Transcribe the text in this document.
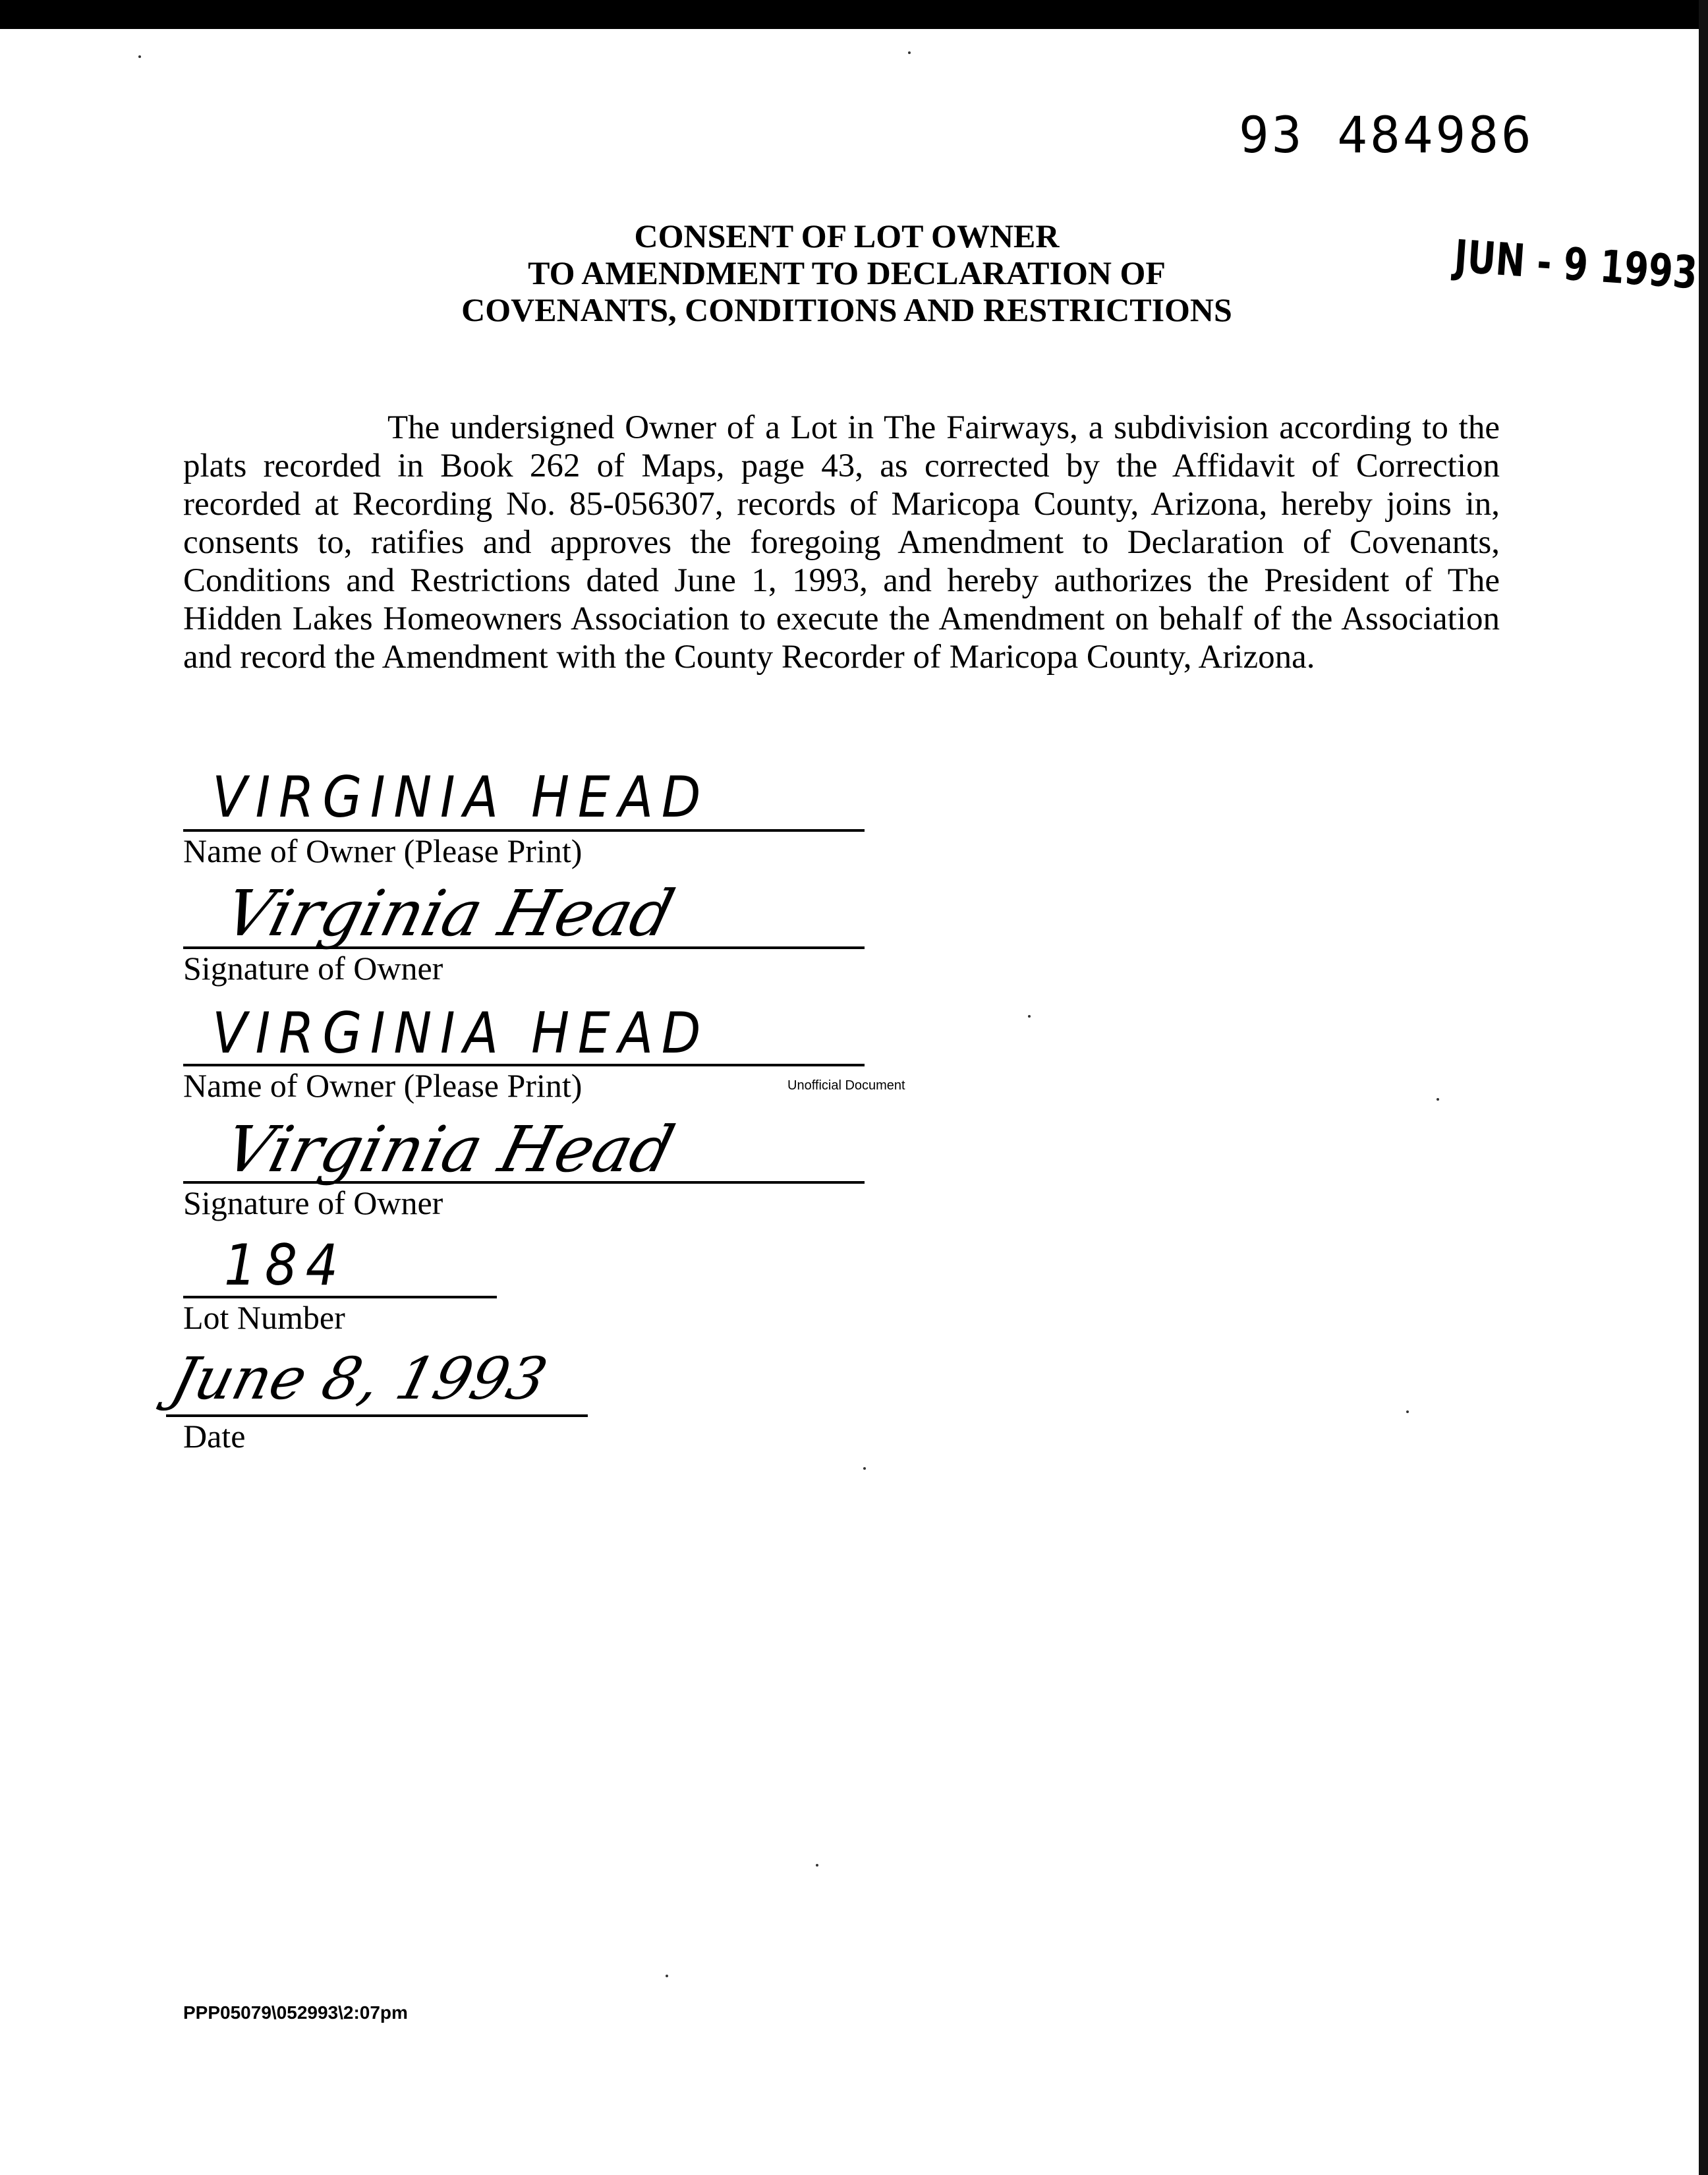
93 484986
JUN - 9 1993
CONSENT OF LOT OWNER
TO AMENDMENT TO DECLARATION OF
COVENANTS, CONDITIONS AND RESTRICTIONS
The undersigned Owner of a Lot in The Fairways, a subdivision according to the plats recorded in Book 262 of Maps, page 43, as corrected by the Affidavit of Correction recorded at Recording No. 85-056307, records of Maricopa County, Arizona, hereby joins in, consents to, ratifies and approves the foregoing Amendment to Declaration of Covenants, Conditions and Restrictions dated June 1, 1993, and hereby authorizes the President of The Hidden Lakes Homeowners Association to execute the Amendment on behalf of the Association and record the Amendment with the County Recorder of Maricopa County, Arizona.
VIRGINIA HEAD
Name of Owner (Please Print)
Virginia Head
Signature of Owner
VIRGINIA HEAD
Name of Owner (Please Print)	Unofficial Document
Virginia Head
Signature of Owner
184
Lot Number
June 8, 1993
Date
PPP05079\052993\2:07pm
